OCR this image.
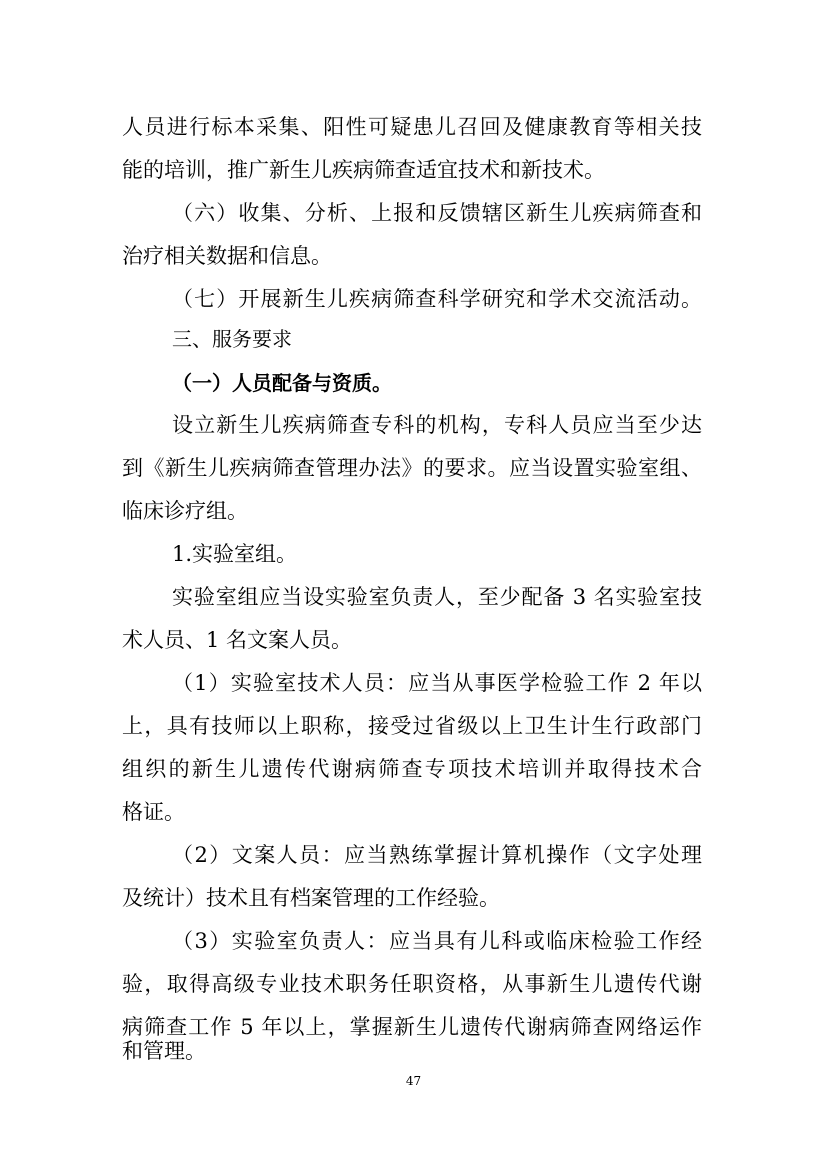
人员进行标本采集、阳性可疑患儿召回及健康教育等相关技
能的培训，推广新生儿疾病筛查适宜技术和新技术。
（六）收集、分析、上报和反馈辖区新生儿疾病筛查和
治疗相关数据和信息。
（七）开展新生儿疾病筛查科学研究和学术交流活动。
三、服务要求
（一）人员配备与资质。
设立新生儿疾病筛查专科的机构，专科人员应当至少达
到《新生儿疾病筛查管理办法》的要求。应当设置实验室组、
临床诊疗组。
1.实验室组。
实验室组应当设实验室负责人，至少配备 3 名实验室技
术人员、1 名文案人员。
（1）实验室技术人员：应当从事医学检验工作 2 年以
上，具有技师以上职称，接受过省级以上卫生计生行政部门
组织的新生儿遗传代谢病筛查专项技术培训并取得技术合
格证。
（2）文案人员：应当熟练掌握计算机操作（文字处理
及统计）技术且有档案管理的工作经验。
（3）实验室负责人：应当具有儿科或临床检验工作经
验，取得高级专业技术职务任职资格，从事新生儿遗传代谢
病筛查工作 5 年以上，掌握新生儿遗传代谢病筛查网络运作
和管理。
47
